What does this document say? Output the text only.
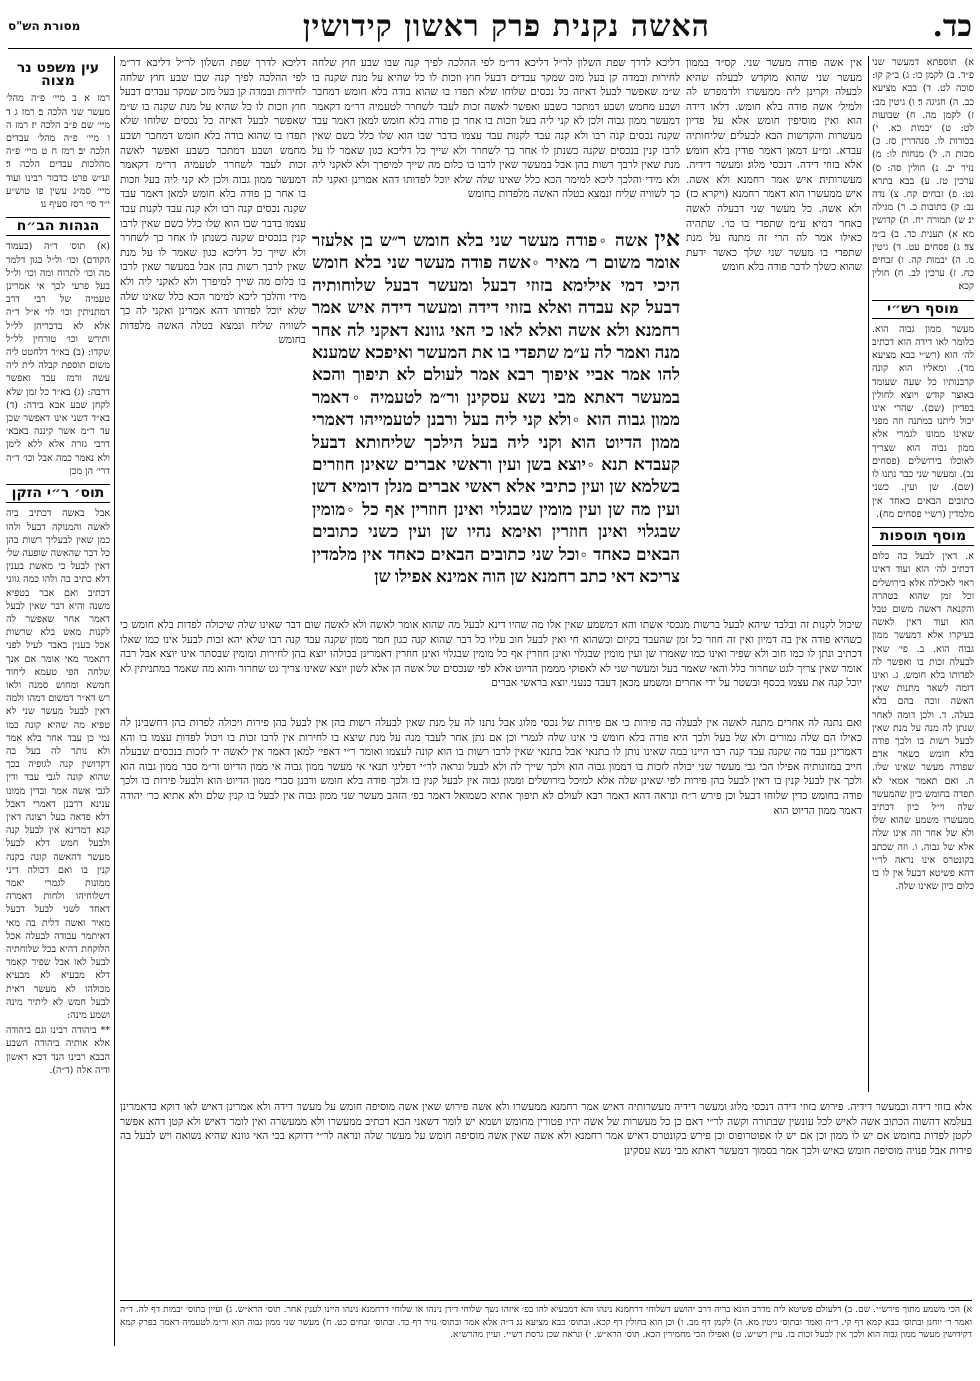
כד.
האשה נקנית פרק ראשון קידושין
מסורת הש"ס

א) תוספתא דמעשר שני פ״ד. ב) לקמן כו: ג) ב״ק קו: סוכה לט. ד) בבא מציעא כב. ה) חגיגה ד׃ ו) גיטין מב: ז) לקמן מה. ח) שבועות לט: ט) יבמות כא. י) בכורות לו. סנהדרין סז. כ) מכות ה. ל) מנחות לו: מ) נזיר יב. נ) חולין סה: ס) ערכין טז. ע) בבא בתרא נט: פ) זבחים קח. צ) נדה נב: ק) כתובות כ. ר) מגילה יג׃ ש) תמורה יח. ת) קדושין מא׃ א) תענית כד. ב) ב״מ צד׃ ג) פסחים עט. ד) גיטין מ. ה) יבמות קה. ו) זבחים כח. ז) ערכין לב. ח) חולין קכא׃

מוסף רש״י

מעשר ממון גבוה הוא. כלומר לאו דידה הוא דכתיב לה׳ הוא (רש״י בבא מציעא מד). ומאליו הוא קונה קרבנותיו כל שעה שעומד באוצר קודש ויוצא לחולין בפדיון (שם). שהרי אינו יכול ליתנו במתנה וזה מפני שאינו ממונו לגמרי אלא ממון גבוה הוא שצריך לאוכלו בירושלים (פסחים נב). ומעשר שני כבר נתנו לו (שם). שן ועין. כשני כתובים הבאים כאחד אין מלמדין (רש״י פסחים מח).

מוסף תוספות

א. דאין לבעל בה כלום דכתיב לה׳ הוא ועוד דאינו ראוי לאכילה אלא בירושלים וכל זמן שהוא בטהרה והקנאה דאשה משום טבל הוא ועוד דאין לאשה בעיקרו אלא דמעשר ממון גבוה הוא. ב. פי׳ שאין לבעלה זכות בו ואפשר לה לפדותו בלא חומש. ג. ואינו דומה לשאר מתנות שאין האשה זוכה בהם בלא בעלה. ד. ולכן דומה לאחר שנתן לה מנה על מנת שאין לבעל רשות בו ולכך פודה בלא חומש כשאר אדם שפודה מעשר שאינו שלו. ה. ואם תאמר אמאי לא תפדה בחומש כיון שהמעשר שלה וי״ל כיון דכתיב ממעשרו משמע שהוא שלו ולא של אחר וזה אינו שלה אלא של גבוה. ו. וזה שכתב בקונטרס אינו נראה לר״י דהא פשיטא דבעל אין לו בו כלום כיון שאינו שלה.

עין משפט נר מצוה

רמז א ב מיי׳ פ״ה מהל׳ מעשר שני הלכה ב׃ רמז ג ד מיי׳ שם פ״ב הלכה יז׃ רמז ה ו מיי׳ פ״ה מהל׳ עבדים הלכה יב׃ רמז ח ט מיי׳ פ״ה מהלכות עבדים הלכה ד׃ וע״ש פרט כדבור רבינו ועוד מיי׳ סמ״ג עשין פו טוש״ע י״ד סי׳ רסז סעיף נו׃

הגהות הב״ח

(א) תוס׳ ד״ה (בעמוד הקודם) וכו׳ ול״ל כגון דלמר מה וכו׳ לתרוח ומה וכו׳ ול״ל בעל פרעי לכך אי אמרינן טעמיה של רבי דרב דמתניתין וכו׳ לוי א״ל ד״ה אלא לא בדבריהן לל״ל ותירש וכו׳ טורחין לל״ל שקדו: (ב) בא״ד דלחטט ליה משום תוספת קבלה לית ליה עשה ורמז עבד ואפשר דרבה: (ג) בא״ד כל זמן שלא לקחן שבע אבא בידה: (ד) בא״ד דשני אינו דאפשר שכן עד ר״מ אשר קיננה באבא׳ דרבי גזרה אלא ללא לימן ולא נאמר כמה אבל וכו׳ ד״ה דרי׳ הן מכן

תוס׳ ר״י הזקן

אבל באשה דכתיב ביה לאשה והמנוקה דבעל ולהו כמן שאין לבעליך רשות בהן כל דבר שהאשה שופעה של׳ דאין לבעל כי מאשת בענין דלא כתיב בה ולהו כמה גווני דכתיב ואם אבר בטפיא משנה והיא דבר שאין לבעל דאמר אחר שאפשר לה לקנות מאש בלא שרשות אכל בענין באבר לעיל לפני דתאמר מאי אומר אם אנך שלחה הפי טעמא ליחוד חמשא ומחוש סמנה ולאו רש דא״ר דמשום דמהו ולמה דאין לבעל מעשר שני לא טפיא מה שהיא קונה כמו נמי כן עבד אחר בלא אמר ולא נותר לה בעל בה דקדושין קנה לגופיה בכך שהוא קונה לגבי עבד ודין לגבי אשה אמר ובדין ממונו ענינא דרבנן דאמרי דאבל דלא פדאה בעל רצונה דאין קנא דמדינא אין לבעל קנה ולבעל חמש דלא לבעל מעשר דהאשה קונה בקנה קנין בו ואם דכולה דיני ממונות לגמרי יאמר דשלוחיהו ולחות דאמרה דאחד לשני לבעל דבעל מאיר ואשה דלית בה מאי דאיתמר עבודה לבעלה אכל הלוקחת דהיא בכל שלוחתיה לבעל לאו אבל שפיר קאמר דלא מבעיא לא מבעיא מכולהו לא מעשר דאית לבעל חמש לא ליתיר מינה ושמע מינה:

** ביהודה רבינו וגם ביהודה אלא אותיה ביהודה השבע הבבא רבינו הנד דכא ראשון ודיה אלה (ד״ה).

אין אשה פודה מעשר שני. קס״ד בממון מעשר שני שהוא מוקדש לבעלה שהיא לבעלה וקרינן ליה ממעשרו ולדמפרש לה ולמיל׳ אשה פודה בלא חומש. דלאו דידה הוא ואין מוסיפין חומש אלא על פדיון מעשרות והקדשות הבא לבעלים׃ שליחותיה עבדא. ומ״ע דמאן דאמר פודין בלא חומש׃ אלא בזוזי דידה. דנכסי מלוג׃ ומעשר דידיה. מעשרותיה׃ איש אמר רחמנא ולא אשה. איש ממעשרו הוא דאמר רחמנא (ויקרא כז) ולא אשה. כל מעשר שני דבעלה לאשה כאחר דמיא׃ ע״מ שתפדי בו כו׳. שתהיה כאילו אמר לה הרי זה מתנה על מנת שתפדי בו מעשר שני שלך כאשר ידעת שהוא כשלך לדבר פודה בלא חומש

דליכא לדרך שפת השלון לר״ל דליכא דר״מ לפי ההלכה לפיך קנה שבו שבע חוץ שלחה לחירות ובמדה קן בעל מזכ שמקר עבדים דבעל חוץ וזכות לו כל שהיא על מנת שקנה בו ש״מ שאפשר לבעל דאיזה כל נכסים שלוחו שלא תפדו בו שהוא בודה בלא חומש דמחבר ושבע מחמש ושבע דמתכר כשבע ואפשר לאשה זכות לעבד לשחרר לטעמיה דר״מ דקאמר דמעשר ממון גבוה ולכן לא קני ליה בעל וזכות בו אחר כן פודה בלא חומש למאן דאמר עבד שקנה נכסים קנה רבו ולא קנה עבד לקנות עבד עצמו בדבר שבו הוא שלו כלל כשם שאין לרבו קנין בנכסים שקנה כשנתן לו אחר כך לשחרר ולא שייך כל דליכא כגון שאמר לו על מנת שאין לרבך רשות בהן אבל במעשר שאין לרבו בו כלום מה שייך למיפרך ולא לאקני ליה ולא מידי והלכך ליכא למימר הכא כלל שאינו שלה שלא יוכל לפדותו דהא אמרינן ואקני לה כך לשוויה שליח ונמצא בטלה האשה מלפדות בחומש

דליכא לדרך שפת השלון לר״ל דליכא דר״מ לפי ההלכה לפיך קנה שבו שבע חוץ שלחה לחירות ובמדה קן בעל מזכ שמקר עבדים דבעל חוץ וזכות לו כל שהיא על מנת שקנה בו ש״מ שאפשר לבעל דאיזה כל נכסים שלוחו שלא תפדו בו שהוא בודה בלא חומש דמחבר ושבע מחמש ושבע דמתכר כשבע ואפשר לאשה זכות לעבד לשחרר לטעמיה דר״מ דקאמר דמעשר ממון גבוה ולכן לא קני ליה בעל וזכות בו אחר כן פודה בלא חומש למאן דאמר עבד שקנה נכסים קנה רבו ולא קנה עבד לקנות עבד עצמו בדבר שבו הוא שלו כלל כשם שאין לרבו קנין בנכסים שקנה כשנתן לו אחר כך לשחרר ולא שייך כל דליכא כגון שאמר לו על מנת שאין לרבך רשות בהן אבל במעשר שאין לרבו בו כלום מה שייך למיפרך ולא לאקני ליה ולא מידי והלכך ליכא למימר הכא כלל שאינו שלה שלא יוכל לפדותו דהא אמרינן ואקני לה כך לשוויה שליח ונמצא בטלה האשה מלפדות בחומש

אין אשה ◦פודה מעשר שני בלא חומש ר״ש בן אלעזר אומר משום ר׳ מאיר ◦אשה פודה מעשר שני בלא חומש היכי דמי אילימא בזוזי דבעל ומעשר דבעל שלוחותיה דבעל קא עבדה ואלא בזוזי דידה ומעשר דידה איש אמר רחמנא ולא אשה ואלא לאו כי האי גוונא דאקני לה אחר מנה ואמר לה ע״מ שתפדי בו את המעשר ואיפכא שמענא להו אמר אביי איפוך רבא אמר לעולם לא תיפוך והכא במעשר דאתא מבי נשא עסקינן ור״מ לטעמיה ◦דאמר ממון גבוה הוא ◦ולא קני ליה בעל ורבנן לטעמייהו דאמרי ממון הדיוט הוא וקני ליה בעל הילכך שליחותא דבעל קעבדא׃ תנא ◦יוצא בשן ועין וראשי אברים שאינן חוזרים בשלמא שן ועין כתיבי אלא ראשי אברים מנלן דומיא דשן ועין מה שן ועין מומין שבגלוי ואינן חוזרין אף כל ◦מומין שבגלוי ואינן חוזרין ואימא נהיו שן ועין כשני כתובים הבאים כאחד ◦וכל שני כתובים הבאים כאחד אין מלמדין צריכא דאי כתב רחמנא שן הוה אמינא אפילו שן

שיכול לקנות זה ובלבד שיהא לבעל ברשות מנכסי אשתו והא דמשמע שאין אלו מה שהיו דינא לבעל מה שהוא אומר לאשה ולא לאשה שום דבר שאינו שלה שיכולה לפדות בלא חומש כי כשהיא פודה אין בה דמיון ואין זה חוזר כל זמן שהעבד בקיום וכשהוא חי ואין לבעל חוב עליו כל דבר שהוא קנה כגון חמר ממון שקנה עבד קנה רבו שלא יהא זכות לבעל אינו כמו שאלו דכתיב ונתן לו כמו חוב ולא שפיר ואינו כמו שאמרו שן ועין מומין שבגלוי ואינן חוזרין אף כל מומין שבגלוי ואינן חוזרין דאמרינן בכולהו יוצא בהן לחירות ומומין שבסתר אינו יוצא אבל רבה אומר שאין צריך לגט שחרור כלל והאי שאמר בעל ומעשר שני לא לאפוקי מממון הדיוט אלא לפי שנכסים של אשה הן אלא לשון יוצא שאינו צריך גט שחרור והוא מה שאמר במתניתין לא יוכל קנה את עצמו בכסף ובשטר על ידי אחרים ומשמע מכאן דעבד כנעני יוצא בראשי אברים

ואם נתנה לה אחרים מתנה לאשה אין לבעלה בה פירות כי אם פירות של נכסי מלוג אבל נתנו לה על מנת שאין לבעלה רשות בהן אין לבעל בהן פירות ויכולה לפדות בהן דחשבינן לה כאילו הם שלה גמורים ולא של בעל ולכך היא פודה בלא חומש כי אינו שלה לגמרי וכן אם נתן אחר לעבד מנה על מנת שיצא בו לחירות אין לרבו זכות בו ויכול לפדות עצמו בו והא דאמרינן עבד מה שקנה עבד קנה רבו היינו במה שאינו נותן לו בתנאי אבל בתנאי שאין לרבו רשות בו הוא קונה לעצמו ואומר ר״י דאפי׳ למאן דאמר אין לאשה יד לזכות בנכסים שבעלה חייב במזונותיה אפילו הכי גבי מעשר שני יכולה לזכות בו דממון גבוה הוא ולכך שייך לה ולא לבעל ונראה לר״י דפליגי תנאי אי מעשר ממון גבוה אי ממון הדיוט ור״מ סבר ממון גבוה הוא ולכך אין לבעל קנין בו דאין לבעל בהן פירות לפי שאינן שלה אלא למיכל בירושלים וממון גבוה אין לבעל קנין בו ולכך פודה בלא חומש ורבנן סברי ממון הדיוט הוא ולבעל פירות בו ולכך פודה בחומש כדין שלוחו דבעל וכן פירש ר״ח ונראה דהא דאמר רבא לעולם לא תיפוך אתיא כשמואל דאמר בפ׳ הזהב מעשר שני ממון גבוה אין לבעל בו קנין שלם ולא אתיא כר׳ יהודה דאמר ממון הדיוט הוא

אלא בזוזי דידה ובמעשר דידיה. פירוש בזוזי דידה דנכסי מלוג ומעשר דידיה מעשרותיה דאיש אמר רחמנא ממעשרו ולא אשה פירוש שאין אשה מוסיפה חומש על מעשר דידה ולא אמרינן דאיש לאו דוקא כדאמרינן בעלמא דהשוה הכתוב אשה לאיש לכל עונשין שבתורה וקשה לר״י דאם כן כל מעשרות של אשה יהיו פטורין מחומש ושמא יש לומר דשאני הכא דכתיב ממעשרו ולא ממעשרה ואין לומר דאיש ולא קטן דהא אפשר לקטן לפדות בחומש אם יש לו ממון וכן אם יש לו אפוטרופוס וכן פירש בקונטרס דאיש אמר רחמנא ולא אשה שאין אשה מוסיפה חומש על מעשר שלה ונראה לר״י דדוקא בכי האי גוונא שהיא נשואה ויש לבעל בה פירות אבל פנויה מוסיפה חומש כאיש ולכך אמר בסמוך דמעשר דאתא מבי נשא עסקינן

א) הכי משמע מתוך פירש״י. שם. ב) דלעולם פשיטא ליה מדרב הונא בריה דרב יהושע דשלוחי דרחמנא נינהו והא דמבעיא להו בפ׳ איזהו נשך שלוחי דידן נינהו או שלוחי דרחמנא נינהו היינו לענין אחר. תוס׳ הרא״ש. ג) ועיין בתוס׳ יבמות דף לה. ד״ה ואמר ר׳ יוחנן ובתוס׳ בבא קמא דף קי. ד״ה ואמר ובתוס׳ גיטין מא. ה) לקמן דף מב. ו) וכן הוא בחולין דף קכא. ובתוס׳ בבא מציעא נג׃ ד״ה אלא אמר ובתוס׳ נזיר דף כד. ובתוס׳ זבחים כט. ח) מעשר שני ממון גבוה הוא ור״מ לטעמיה דאמר בפרק קמא דקידושין מעשר ממון גבוה הוא ולכך אין לבעל זכות בו. עיין רש״ש. ט) ואפילו הכי מחמירין הכא. תוס׳ הרא״ש. י) ונראה שכן גרסת רש״י. ועיין מהרש״א.
